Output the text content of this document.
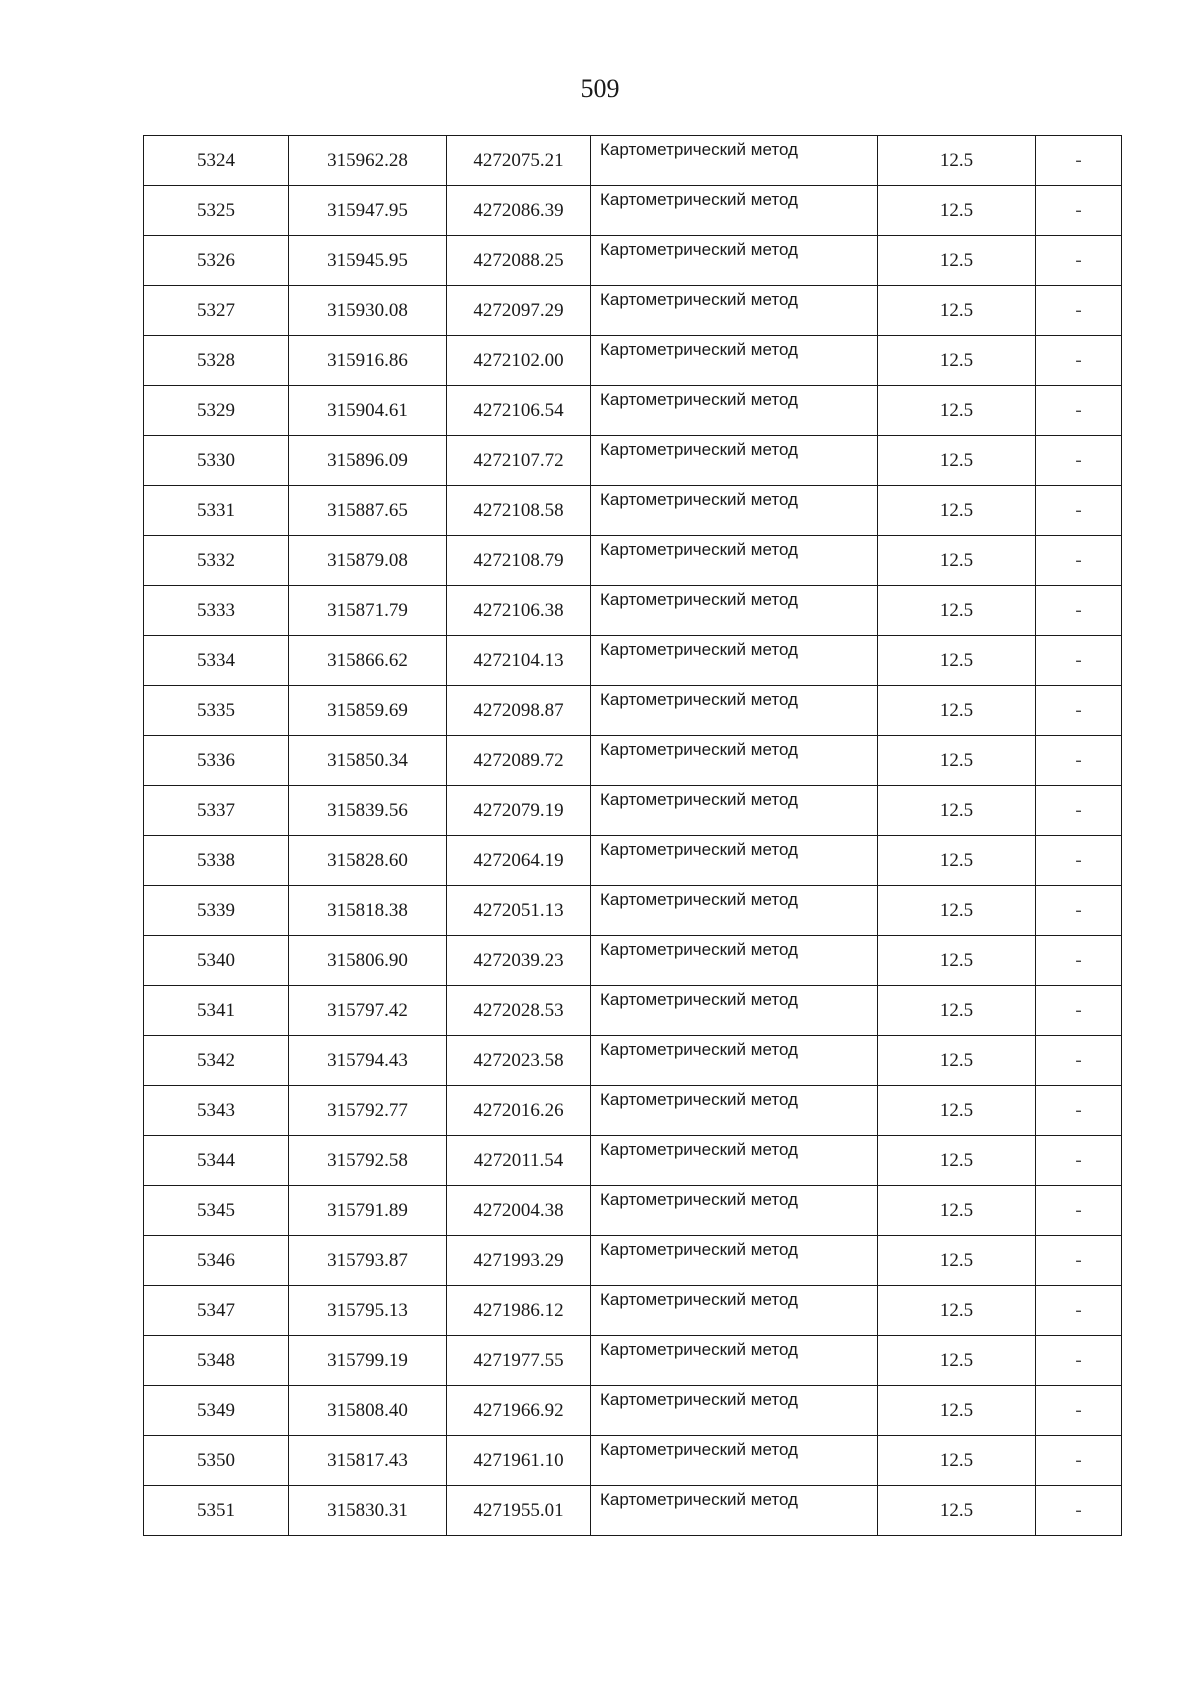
509
5324	315962.28	4272075.21	Картометрический метод	12.5	-
5325	315947.95	4272086.39	Картометрический метод	12.5	-
5326	315945.95	4272088.25	Картометрический метод	12.5	-
5327	315930.08	4272097.29	Картометрический метод	12.5	-
5328	315916.86	4272102.00	Картометрический метод	12.5	-
5329	315904.61	4272106.54	Картометрический метод	12.5	-
5330	315896.09	4272107.72	Картометрический метод	12.5	-
5331	315887.65	4272108.58	Картометрический метод	12.5	-
5332	315879.08	4272108.79	Картометрический метод	12.5	-
5333	315871.79	4272106.38	Картометрический метод	12.5	-
5334	315866.62	4272104.13	Картометрический метод	12.5	-
5335	315859.69	4272098.87	Картометрический метод	12.5	-
5336	315850.34	4272089.72	Картометрический метод	12.5	-
5337	315839.56	4272079.19	Картометрический метод	12.5	-
5338	315828.60	4272064.19	Картометрический метод	12.5	-
5339	315818.38	4272051.13	Картометрический метод	12.5	-
5340	315806.90	4272039.23	Картометрический метод	12.5	-
5341	315797.42	4272028.53	Картометрический метод	12.5	-
5342	315794.43	4272023.58	Картометрический метод	12.5	-
5343	315792.77	4272016.26	Картометрический метод	12.5	-
5344	315792.58	4272011.54	Картометрический метод	12.5	-
5345	315791.89	4272004.38	Картометрический метод	12.5	-
5346	315793.87	4271993.29	Картометрический метод	12.5	-
5347	315795.13	4271986.12	Картометрический метод	12.5	-
5348	315799.19	4271977.55	Картометрический метод	12.5	-
5349	315808.40	4271966.92	Картометрический метод	12.5	-
5350	315817.43	4271961.10	Картометрический метод	12.5	-
5351	315830.31	4271955.01	Картометрический метод	12.5	-
